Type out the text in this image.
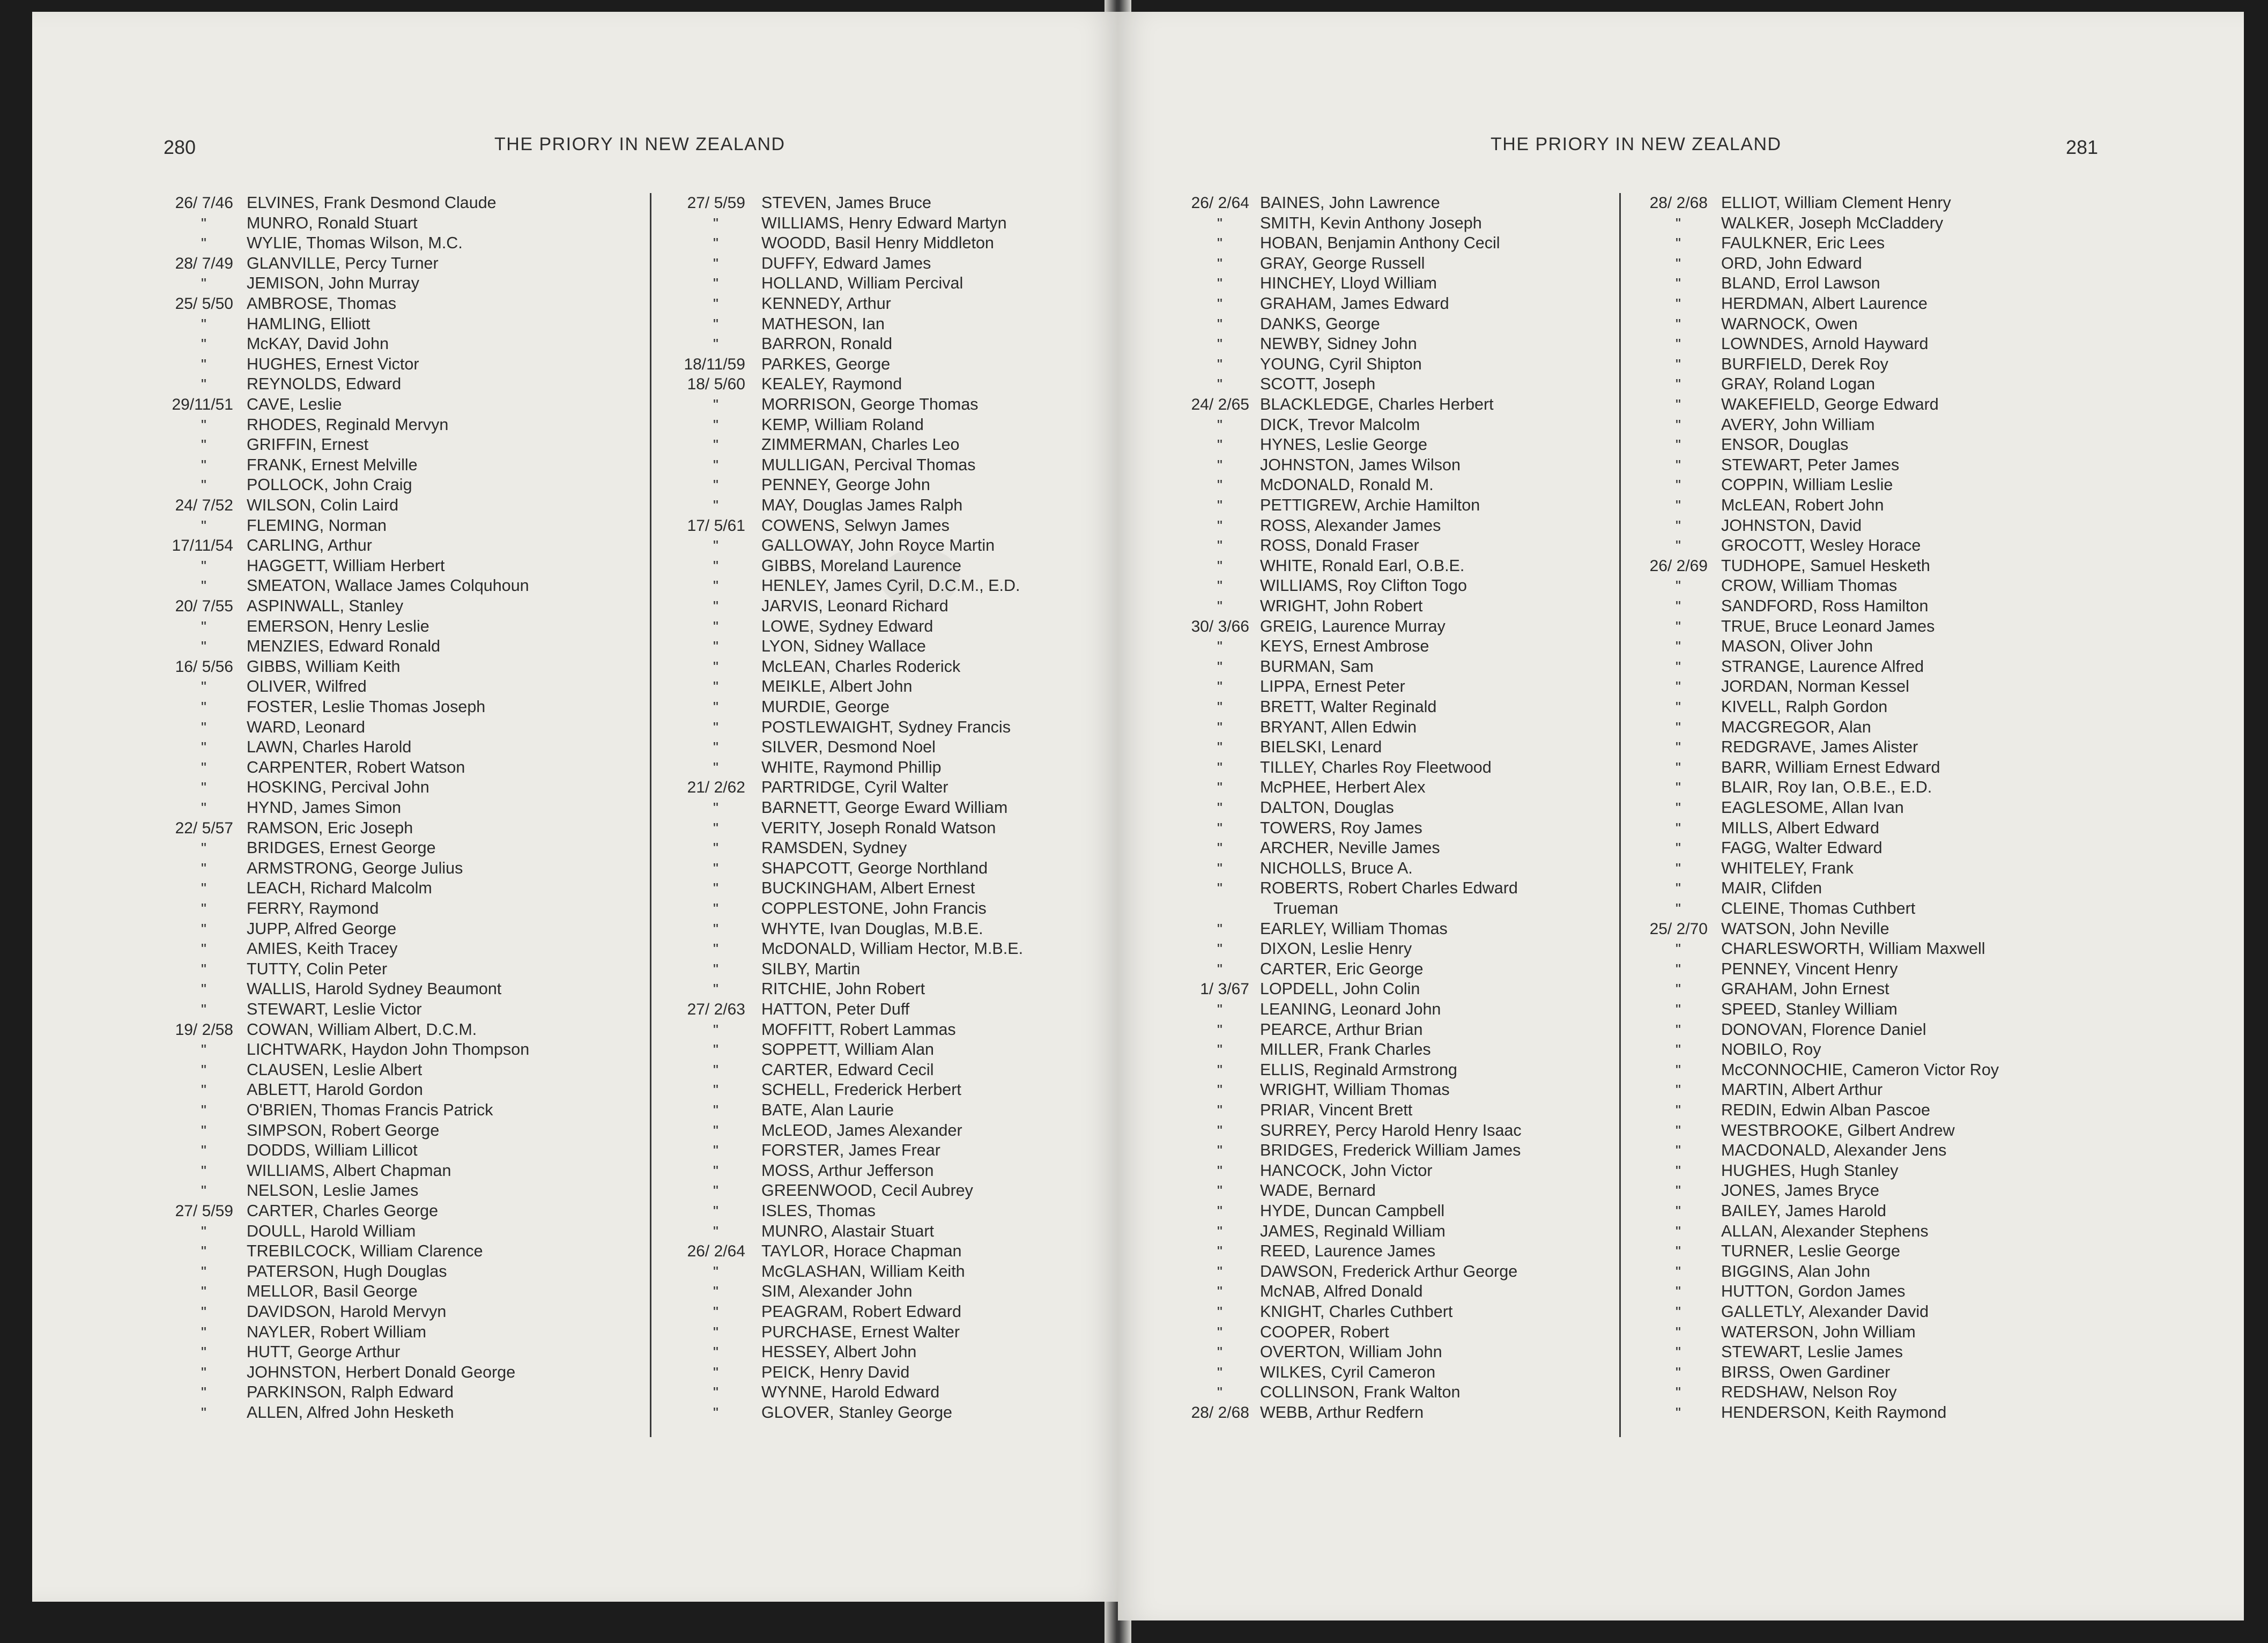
280	THE PRIORY IN NEW ZEALAND
26/ 7/46 ELVINES, Frank Desmond Claude
"	MUNRO, Ronald Stuart
"	WYLIE, Thomas Wilson, M.C.
28/ 7/49 GLANVILLE, Percy Turner
"	JEMISON, John Murray
25/ 5/50 AMBROSE, Thomas
"	HAMLING, Elliott
"	McKAY, David John
"	HUGHES, Ernest Victor
"	REYNOLDS, Edward
29/11/51 CAVE, Leslie
"	RHODES, Reginald Mervyn
"	GRIFFIN, Ernest
"	FRANK, Ernest Melville
"	POLLOCK, John Craig
24/ 7/52 WILSON, Colin Laird
"	FLEMING, Norman
17/11/54 CARLING, Arthur
"	HAGGETT, William Herbert
"	SMEATON, Wallace James Colquhoun
20/ 7/55 ASPINWALL, Stanley
"	EMERSON, Henry Leslie
"	MENZIES, Edward Ronald
16/ 5/56 GIBBS, William Keith
"	OLIVER, Wilfred
"	FOSTER, Leslie Thomas Joseph
"	WARD, Leonard
"	LAWN, Charles Harold
"	CARPENTER, Robert Watson
"	HOSKING, Percival John
"	HYND, James Simon
22/ 5/57 RAMSON, Eric Joseph
"	BRIDGES, Ernest George
"	ARMSTRONG, George Julius
"	LEACH, Richard Malcolm
"	FERRY, Raymond
"	JUPP, Alfred George
"	AMIES, Keith Tracey
"	TUTTY, Colin Peter
"	WALLIS, Harold Sydney Beaumont
"	STEWART, Leslie Victor
19/ 2/58 COWAN, William Albert, D.C.M.
"	LICHTWARK, Haydon John Thompson
"	CLAUSEN, Leslie Albert
"	ABLETT, Harold Gordon
"	O'BRIEN, Thomas Francis Patrick
"	SIMPSON, Robert George
"	DODDS, William Lillicot
"	WILLIAMS, Albert Chapman
"	NELSON, Leslie James
27/ 5/59 CARTER, Charles George
"	DOULL, Harold William
"	TREBILCOCK, William Clarence
"	PATERSON, Hugh Douglas
"	MELLOR, Basil George
"	DAVIDSON, Harold Mervyn
"	NAYLER, Robert William
"	HUTT, George Arthur
"	JOHNSTON, Herbert Donald George
"	PARKINSON, Ralph Edward
"	ALLEN, Alfred John Hesketh
27/ 5/59 STEVEN, James Bruce
"	WILLIAMS, Henry Edward Martyn
"	WOODD, Basil Henry Middleton
"	DUFFY, Edward James
"	HOLLAND, William Percival
"	KENNEDY, Arthur
"	MATHESON, Ian
"	BARRON, Ronald
18/11/59 PARKES, George
18/ 5/60 KEALEY, Raymond
"	MORRISON, George Thomas
"	KEMP, William Roland
"	ZIMMERMAN, Charles Leo
"	MULLIGAN, Percival Thomas
"	PENNEY, George John
"	MAY, Douglas James Ralph
17/ 5/61 COWENS, Selwyn James
"	GALLOWAY, John Royce Martin
"	GIBBS, Moreland Laurence
"	HENLEY, James Cyril, D.C.M., E.D.
"	JARVIS, Leonard Richard
"	LOWE, Sydney Edward
"	LYON, Sidney Wallace
"	McLEAN, Charles Roderick
"	MEIKLE, Albert John
"	MURDIE, George
"	POSTLEWAIGHT, Sydney Francis
"	SILVER, Desmond Noel
"	WHITE, Raymond Phillip
21/ 2/62 PARTRIDGE, Cyril Walter
"	BARNETT, George Eward William
"	VERITY, Joseph Ronald Watson
"	RAMSDEN, Sydney
"	SHAPCOTT, George Northland
"	BUCKINGHAM, Albert Ernest
"	COPPLESTONE, John Francis
"	WHYTE, Ivan Douglas, M.B.E.
"	McDONALD, William Hector, M.B.E.
"	SILBY, Martin
"	RITCHIE, John Robert
27/ 2/63 HATTON, Peter Duff
"	MOFFITT, Robert Lammas
"	SOPPETT, William Alan
"	CARTER, Edward Cecil
"	SCHELL, Frederick Herbert
"	BATE, Alan Laurie
"	McLEOD, James Alexander
"	FORSTER, James Frear
"	MOSS, Arthur Jefferson
"	GREENWOOD, Cecil Aubrey
"	ISLES, Thomas
"	MUNRO, Alastair Stuart
26/ 2/64 TAYLOR, Horace Chapman
"	McGLASHAN, William Keith
"	SIM, Alexander John
"	PEAGRAM, Robert Edward
"	PURCHASE, Ernest Walter
"	HESSEY, Albert John
"	PEICK, Henry David
"	WYNNE, Harold Edward
"	GLOVER, Stanley George
281
THE PRIORY IN NEW ZEALAND
26/ 2/64 BAINES, John Lawrence
"	SMITH, Kevin Anthony Joseph
"	HOBAN, Benjamin Anthony Cecil
"	GRAY, George Russell
"	HINCHEY, Lloyd William
"	GRAHAM, James Edward
"	DANKS, George
"	NEWBY, Sidney John
"	YOUNG, Cyril Shipton
"	SCOTT, Joseph
24/ 2/65 BLACKLEDGE, Charles Herbert
"	DICK, Trevor Malcolm
"	HYNES, Leslie George
"	JOHNSTON, James Wilson
"	McDONALD, Ronald M.
"	PETTIGREW, Archie Hamilton
"	ROSS, Alexander James
"	ROSS, Donald Fraser
"	WHITE, Ronald Earl, O.B.E.
"	WILLIAMS, Roy Clifton Togo
"	WRIGHT, John Robert
30/ 3/66 GREIG, Laurence Murray
"	KEYS, Ernest Ambrose
"	BURMAN, Sam
"	LIPPA, Ernest Peter
"	BRETT, Walter Reginald
"	BRYANT, Allen Edwin
"	BIELSKI, Lenard
"	TILLEY, Charles Roy Fleetwood
"	McPHEE, Herbert Alex
"	DALTON, Douglas
"	TOWERS, Roy James
"	ARCHER, Neville James
"	NICHOLLS, Bruce A.
"	ROBERTS, Robert Charles Edward
Trueman
"	EARLEY, William Thomas
"	DIXON, Leslie Henry
"	CARTER, Eric George
1/ 3/67 LOPDELL, John Colin
"	LEANING, Leonard John
"	PEARCE, Arthur Brian
"	MILLER, Frank Charles
"	ELLIS, Reginald Armstrong
"	WRIGHT, William Thomas
"	PRIAR, Vincent Brett
"	SURREY, Percy Harold Henry Isaac
"	BRIDGES, Frederick William James
"	HANCOCK, John Victor
"	WADE, Bernard
"	HYDE, Duncan Campbell
"	JAMES, Reginald William
"	REED, Laurence James
"	DAWSON, Frederick Arthur George
"	McNAB, Alfred Donald
"	KNIGHT, Charles Cuthbert
"	COOPER, Robert
"	OVERTON, William John
"	WILKES, Cyril Cameron
"	COLLINSON, Frank Walton
28/ 2/68 WEBB, Arthur Redfern
28/ 2/68 ELLIOT, William Clement Henry
"	WALKER, Joseph McCladdery
"	FAULKNER, Eric Lees
"	ORD, John Edward
"	BLAND, Errol Lawson
"	HERDMAN, Albert Laurence
"	WARNOCK, Owen
"	LOWNDES, Arnold Hayward
"	BURFIELD, Derek Roy
"	GRAY, Roland Logan
"	WAKEFIELD, George Edward
"	AVERY, John William
"	ENSOR, Douglas
"	STEWART, Peter James
"	COPPIN, William Leslie
"	McLEAN, Robert John
"	JOHNSTON, David
"	GROCOTT, Wesley Horace
26/ 2/69 TUDHOPE, Samuel Hesketh
"	CROW, William Thomas
"	SANDFORD, Ross Hamilton
"	TRUE, Bruce Leonard James
"	MASON, Oliver John
"	STRANGE, Laurence Alfred
"	JORDAN, Norman Kessel
"	KIVELL, Ralph Gordon
"	MACGREGOR, Alan
"	REDGRAVE, James Alister
"	BARR, William Ernest Edward
"	BLAIR, Roy Ian, O.B.E., E.D.
"	EAGLESOME, Allan Ivan
"	MILLS, Albert Edward
"	FAGG, Walter Edward
"	WHITELEY, Frank
"	MAIR, Clifden
"	CLEINE, Thomas Cuthbert
25/ 2/70 WATSON, John Neville
"	CHARLESWORTH, William Maxwell
"	PENNEY, Vincent Henry
"	GRAHAM, John Ernest
"	SPEED, Stanley William
"	DONOVAN, Florence Daniel
"	NOBILO, Roy
"	McCONNOCHIE, Cameron Victor Roy
"	MARTIN, Albert Arthur
"	REDIN, Edwin Alban Pascoe
"	WESTBROOKE, Gilbert Andrew
"	MACDONALD, Alexander Jens
"	HUGHES, Hugh Stanley
"	JONES, James Bryce
"	BAILEY, James Harold
"	ALLAN, Alexander Stephens
"	TURNER, Leslie George
"	BIGGINS, Alan John
"	HUTTON, Gordon James
"	GALLETLY, Alexander David
"	WATERSON, John William
"	STEWART, Leslie James
"	BIRSS, Owen Gardiner
"	REDSHAW, Nelson Roy
"	HENDERSON, Keith Raymond
